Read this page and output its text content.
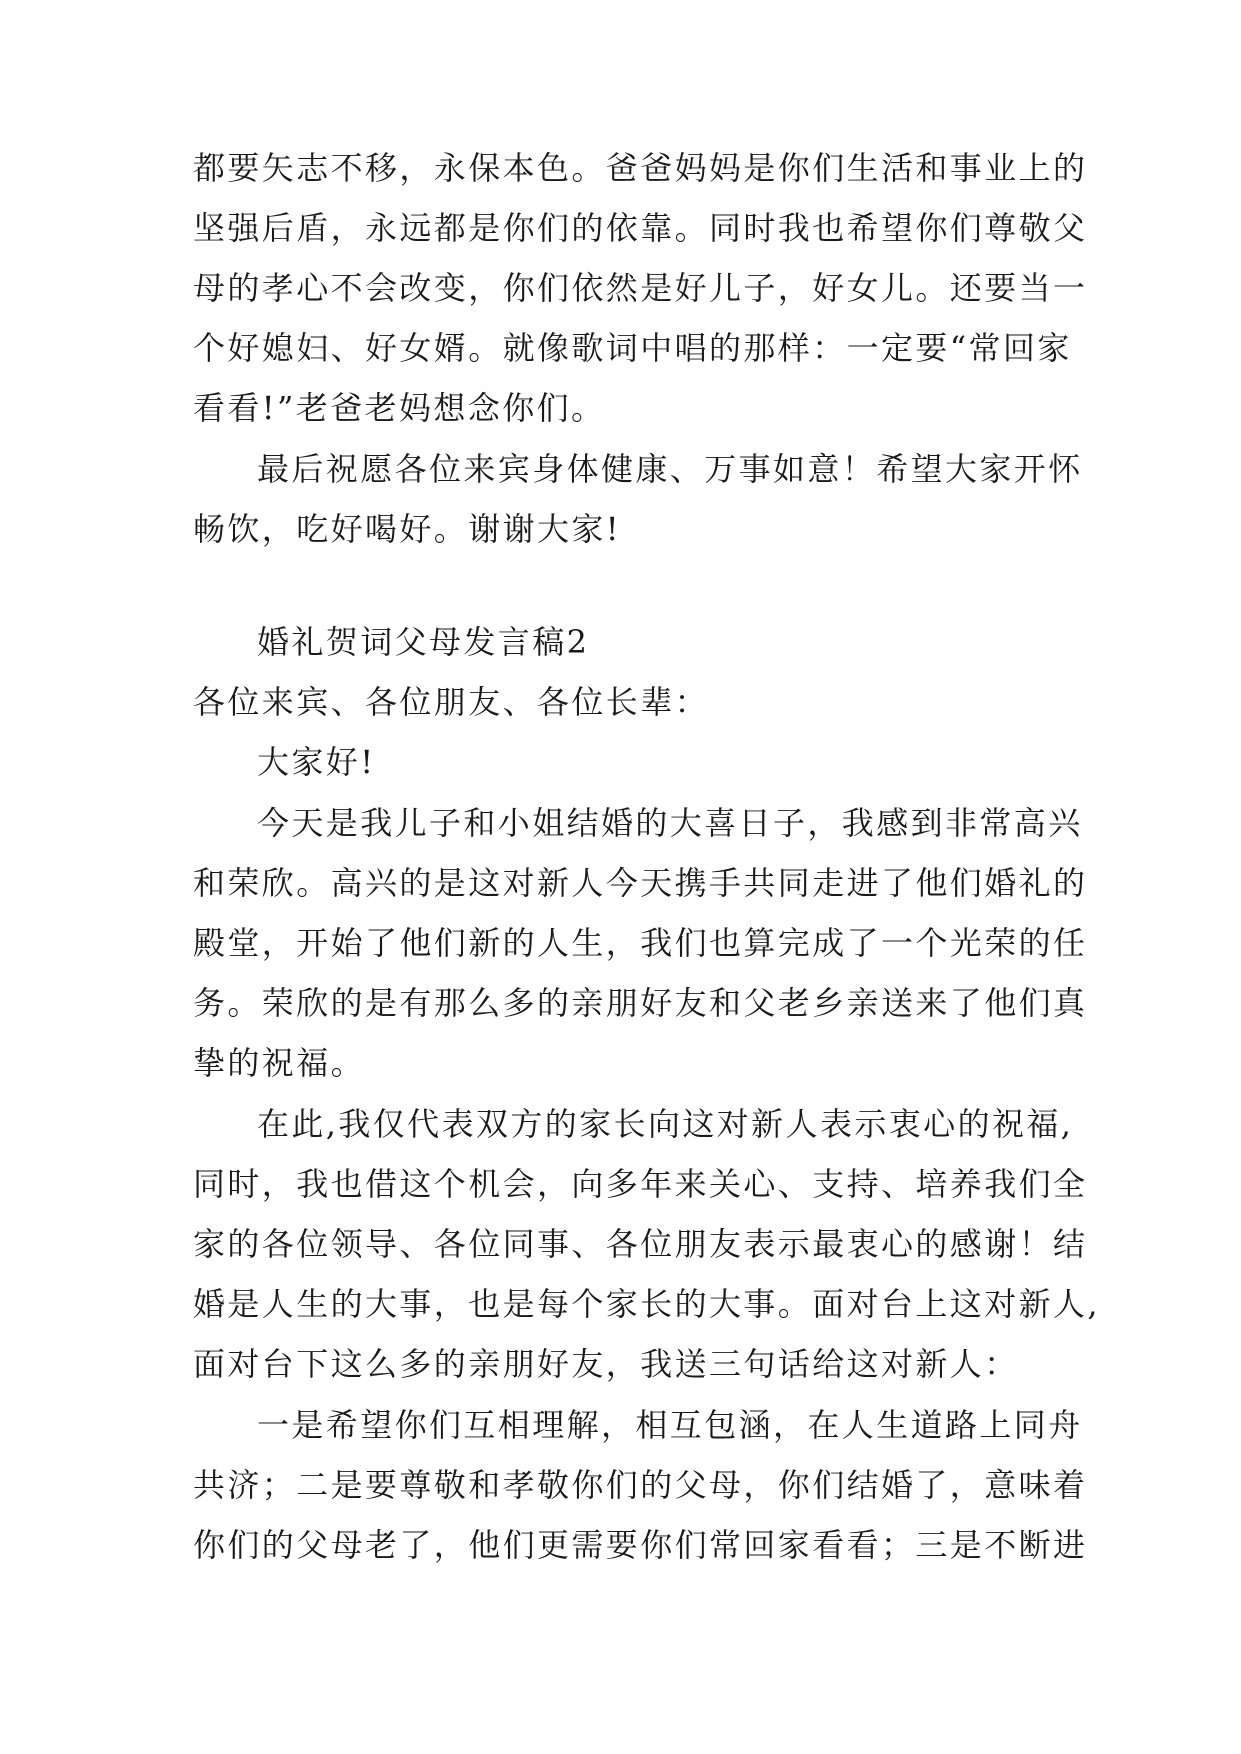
都要矢志不移，永保本色。爸爸妈妈是你们生活和事业上的
坚强后盾，永远都是你们的依靠。同时我也希望你们尊敬父
母的孝心不会改变，你们依然是好儿子，好女儿。还要当一
个好媳妇、好女婿。就像歌词中唱的那样：一定要“常回家
看看!”老爸老妈想念你们。
最后祝愿各位来宾身体健康、万事如意！希望大家开怀
畅饮，吃好喝好。谢谢大家!
婚礼贺词父母发言稿2
各位来宾、各位朋友、各位长辈：
大家好!
今天是我儿子和小姐结婚的大喜日子，我感到非常高兴
和荣欣。高兴的是这对新人今天携手共同走进了他们婚礼的
殿堂，开始了他们新的人生，我们也算完成了一个光荣的任
务。荣欣的是有那么多的亲朋好友和父老乡亲送来了他们真
挚的祝福。
在此,我仅代表双方的家长向这对新人表示衷心的祝福,
同时，我也借这个机会，向多年来关心、支持、培养我们全
家的各位领导、各位同事、各位朋友表示最衷心的感谢！结
婚是人生的大事，也是每个家长的大事。面对台上这对新人,
面对台下这么多的亲朋好友，我送三句话给这对新人：
一是希望你们互相理解，相互包涵，在人生道路上同舟
共济；二是要尊敬和孝敬你们的父母，你们结婚了，意味着
你们的父母老了，他们更需要你们常回家看看；三是不断进
